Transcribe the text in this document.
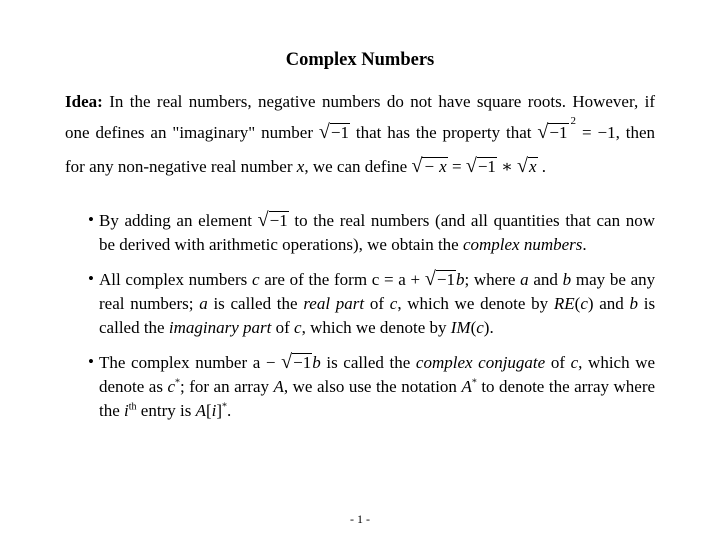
Complex Numbers
Idea: In the real numbers, negative numbers do not have square roots. However, if one defines an "imaginary" number √−1 that has the property that $√-1^2= -1$, then for any non-negative real number x, we can define √− x = √−1 ∗ √x .
• By adding an element √−1 to the real numbers (and all quantities that can now be derived with arithmetic operations), we obtain the complex numbers.
• All complex numbers c are of the form c = a + √−1b; where a and b may be any real numbers; a is called the real part of c, which we denote by RE(c) and b is called the imaginary part of c, which we denote by IM(c).
• The complex number a − √−1b is called the complex conjugate of c, which we denote as c*; for an array A, we also use the notation A* to denote the array where the $i^{th}$ entry is A[i]*.
- 1 -
